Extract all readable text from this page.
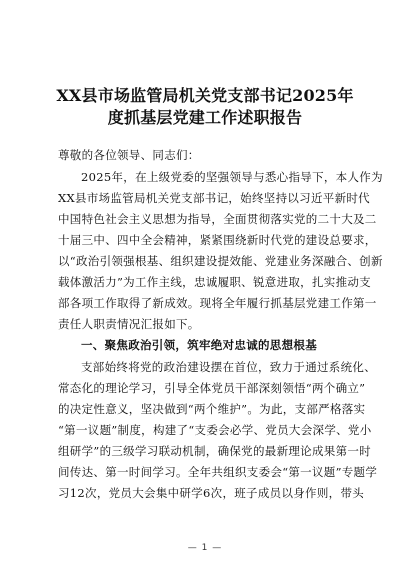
XX县市场监管局机关党支部书记2025年
度抓基层党建工作述职报告
尊敬的各位领导、同志们：
2025年，在上级党委的坚强领导与悉心指导下，本人作为
XX县市场监管局机关党支部书记，始终坚持以习近平新时代
中国特色社会主义思想为指导，全面贯彻落实党的二十大及二
十届三中、四中全会精神，紧紧围绕新时代党的建设总要求，
以“政治引领强根基、组织建设提效能、党建业务深融合、创新
载体激活力”为工作主线，忠诚履职、锐意进取，扎实推动支
部各项工作取得了新成效。现将全年履行抓基层党建工作第一
责任人职责情况汇报如下。
一、聚焦政治引领，筑牢绝对忠诚的思想根基
支部始终将党的政治建设摆在首位，致力于通过系统化、
常态化的理论学习，引导全体党员干部深刻领悟“两个确立”
的决定性意义，坚决做到“两个维护”。为此，支部严格落实
“第一议题”制度，构建了“支委会必学、党员大会深学、党小
组研学”的三级学习联动机制，确保党的最新理论成果第一时
间传达、第一时间学习。全年共组织支委会“第一议题”专题学
习12次，党员大会集中研学6次，班子成员以身作则，带头
— 1 —
